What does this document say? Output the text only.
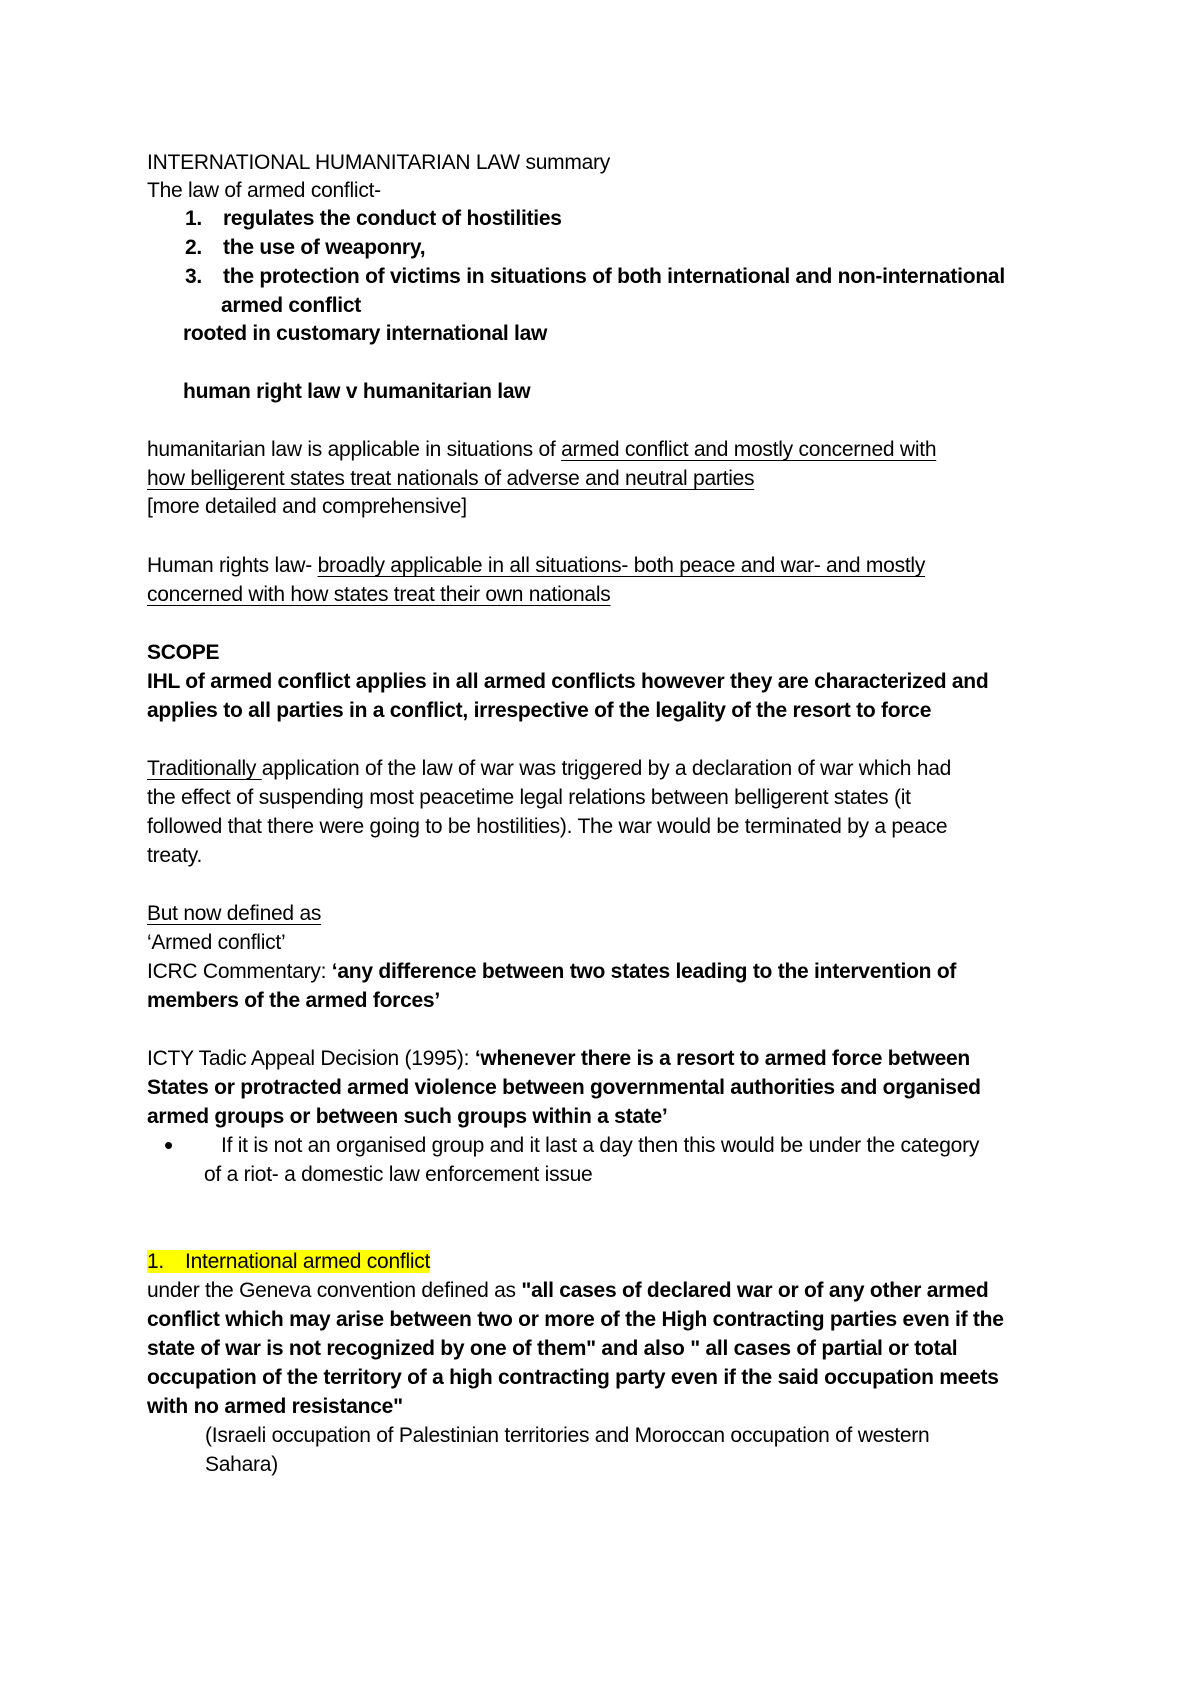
INTERNATIONAL HUMANITARIAN LAW summary
The law of armed conflict-
1. regulates the conduct of hostilities
2. the use of weaponry,
3. the protection of victims in situations of both international and non-international
armed conflict
rooted in customary international law
human right law v humanitarian law
humanitarian law is applicable in situations of armed conflict and mostly concerned with
how belligerent states treat nationals of adverse and neutral parties
[more detailed and comprehensive]
Human rights law- broadly applicable in all situations- both peace and war- and mostly
concerned with how states treat their own nationals
SCOPE
IHL of armed conflict applies in all armed conflicts however they are characterized and
applies to all parties in a conflict, irrespective of the legality of the resort to force
Traditionally application of the law of war was triggered by a declaration of war which had
the effect of suspending most peacetime legal relations between belligerent states (it
followed that there were going to be hostilities). The war would be terminated by a peace
treaty.
But now defined as
‘Armed conflict’
ICRC Commentary: ‘any difference between two states leading to the intervention of
members of the armed forces’
ICTY Tadic Appeal Decision (1995): ‘whenever there is a resort to armed force between
States or protracted armed violence between governmental authorities and organised
armed groups or between such groups within a state’
• If it is not an organised group and it last a day then this would be under the category
of a riot- a domestic law enforcement issue
1. International armed conflict
under the Geneva convention defined as "all cases of declared war or of any other armed
conflict which may arise between two or more of the High contracting parties even if the
state of war is not recognized by one of them" and also " all cases of partial or total
occupation of the territory of a high contracting party even if the said occupation meets
with no armed resistance"
(Israeli occupation of Palestinian territories and Moroccan occupation of western
Sahara)
